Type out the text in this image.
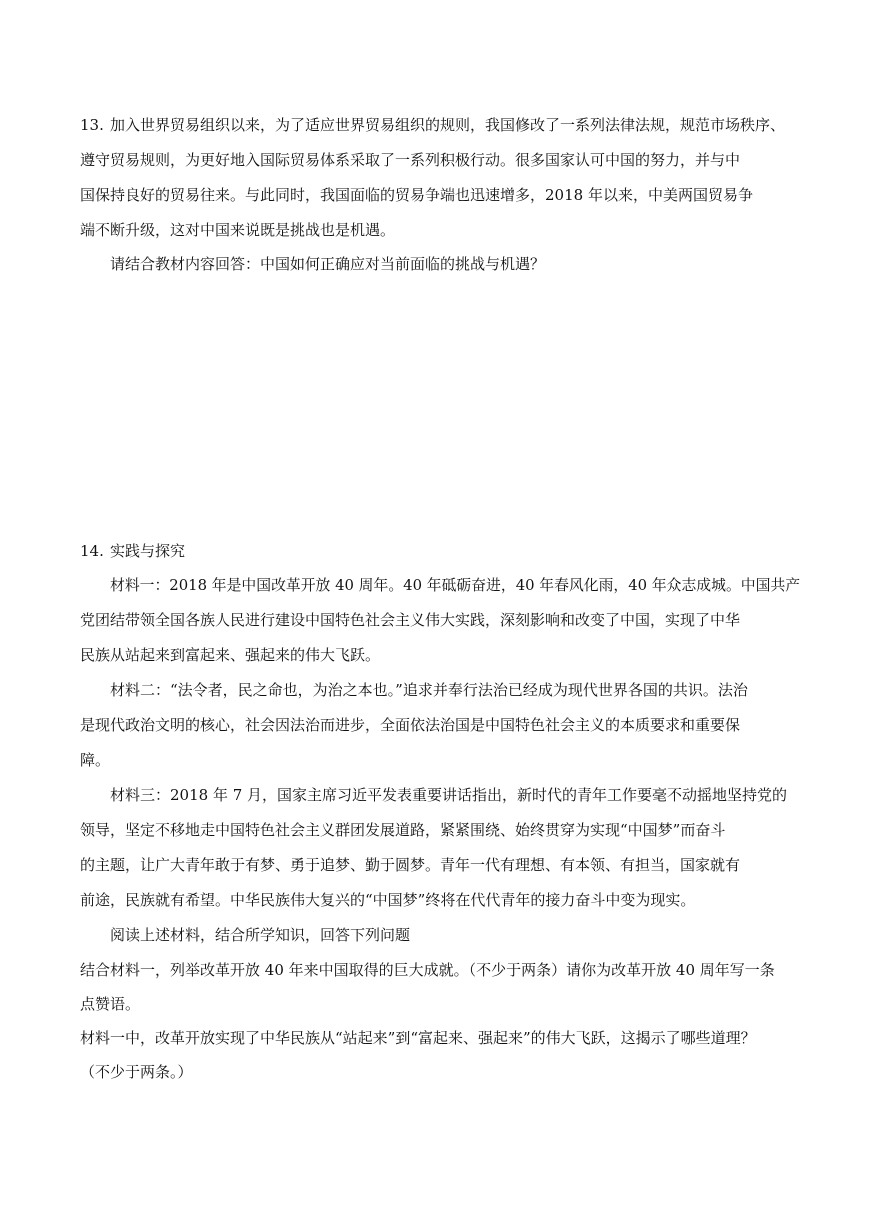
13. 加入世界贸易组织以来，为了适应世界贸易组织的规则，我国修改了一系列法律法规，规范市场秩序、
遵守贸易规则，为更好地入国际贸易体系采取了一系列积极行动。很多国家认可中国的努力，并与中
国保持良好的贸易往来。与此同时，我国面临的贸易争端也迅速增多，2018 年以来，中美两国贸易争
端不断升级，这对中国来说既是挑战也是机遇。
请结合教材内容回答：中国如何正确应对当前面临的挑战与机遇？
14. 实践与探究
材料一：2018 年是中国改革开放 40 周年。40 年砥砺奋进，40 年春风化雨，40 年众志成城。中国共产
党团结带领全国各族人民进行建设中国特色社会主义伟大实践，深刻影响和改变了中国，实现了中华
民族从站起来到富起来、强起来的伟大飞跃。
材料二：“法令者，民之命也，为治之本也。”追求并奉行法治已经成为现代世界各国的共识。法治
是现代政治文明的核心，社会因法治而进步，全面依法治国是中国特色社会主义的本质要求和重要保
障。
材料三：2018 年 7 月，国家主席习近平发表重要讲话指出，新时代的青年工作要毫不动摇地坚持党的
领导，坚定不移地走中国特色社会主义群团发展道路，紧紧围绕、始终贯穿为实现“中国梦”而奋斗
的主题，让广大青年敢于有梦、勇于追梦、勤于圆梦。青年一代有理想、有本领、有担当，国家就有
前途，民族就有希望。中华民族伟大复兴的“中国梦”终将在代代青年的接力奋斗中变为现实。
阅读上述材料，结合所学知识，回答下列问题
结合材料一，列举改革开放 40 年来中国取得的巨大成就。（不少于两条）请你为改革开放 40 周年写一条
点赞语。
材料一中，改革开放实现了中华民族从“站起来”到“富起来、强起来”的伟大飞跃，这揭示了哪些道理？
（不少于两条。）
